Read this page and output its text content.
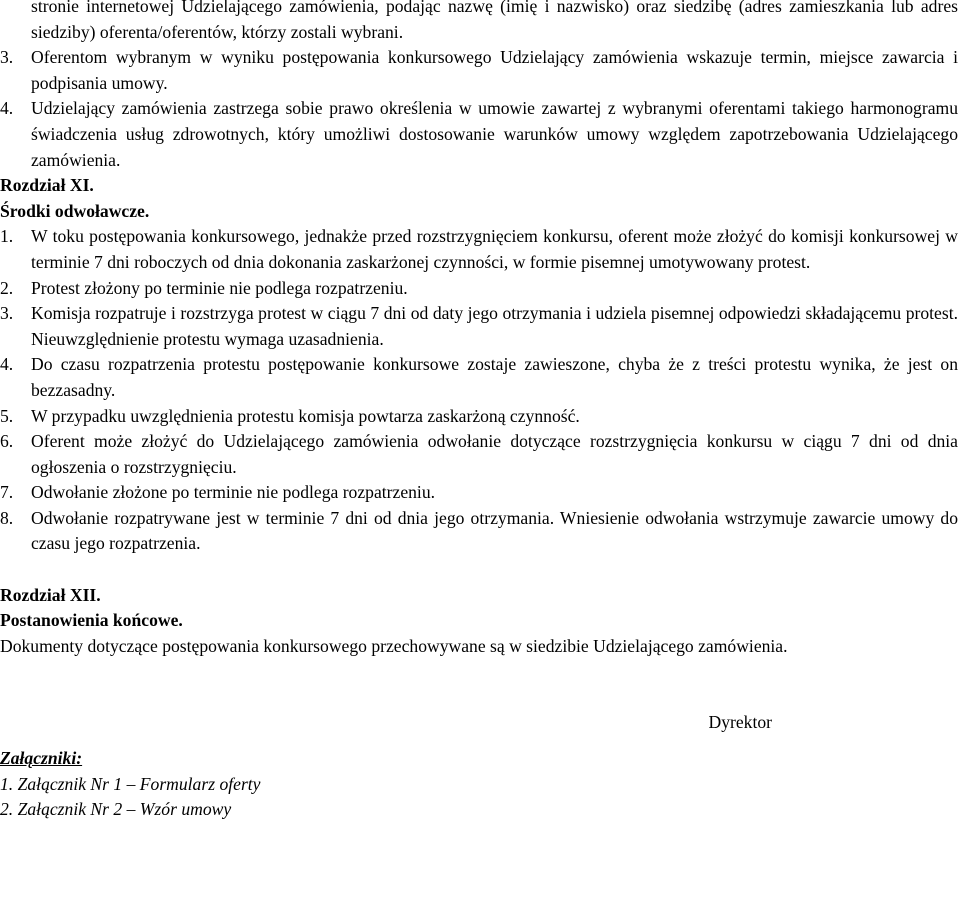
stronie internetowej Udzielającego zamówienia, podając nazwę (imię i nazwisko) oraz siedzibę (adres zamieszkania lub adres siedziby) oferenta/oferentów, którzy zostali wybrani.
3.	Oferentom wybranym w wyniku postępowania konkursowego Udzielający zamówienia wskazuje termin, miejsce zawarcia i podpisania umowy.
4.	Udzielający zamówienia zastrzega sobie prawo określenia w umowie zawartej z wybranymi oferentami takiego harmonogramu świadczenia usług zdrowotnych, który umożliwi dostosowanie warunków umowy względem zapotrzebowania Udzielającego zamówienia.
Rozdział XI.
Środki odwoławcze.
1.	W toku postępowania konkursowego, jednakże przed rozstrzygnięciem konkursu, oferent może złożyć do komisji konkursowej w terminie 7 dni roboczych od dnia dokonania zaskarżonej czynności, w formie pisemnej umotywowany protest.
2.	Protest złożony po terminie nie podlega rozpatrzeniu.
3.	Komisja rozpatruje i rozstrzyga protest w ciągu 7 dni od daty jego otrzymania i udziela pisemnej odpowiedzi składającemu protest. Nieuwzględnienie protestu wymaga uzasadnienia.
4.	Do czasu rozpatrzenia protestu postępowanie konkursowe zostaje zawieszone, chyba że z treści protestu wynika, że jest on bezzasadny.
5.	W przypadku uwzględnienia protestu komisja powtarza zaskarżoną czynność.
6.	Oferent może złożyć do Udzielającego zamówienia odwołanie dotyczące rozstrzygnięcia konkursu w ciągu 7 dni od dnia ogłoszenia o rozstrzygnięciu.
7.	Odwołanie złożone po terminie nie podlega rozpatrzeniu.
8.	Odwołanie rozpatrywane jest w terminie 7 dni od dnia jego otrzymania. Wniesienie odwołania wstrzymuje zawarcie umowy do czasu jego rozpatrzenia.
Rozdział XII.
Postanowienia końcowe.
Dokumenty dotyczące postępowania konkursowego przechowywane są w siedzibie Udzielającego zamówienia.
Dyrektor
Załączniki:
1. Załącznik Nr 1 – Formularz oferty
2. Załącznik Nr 2 – Wzór umowy
